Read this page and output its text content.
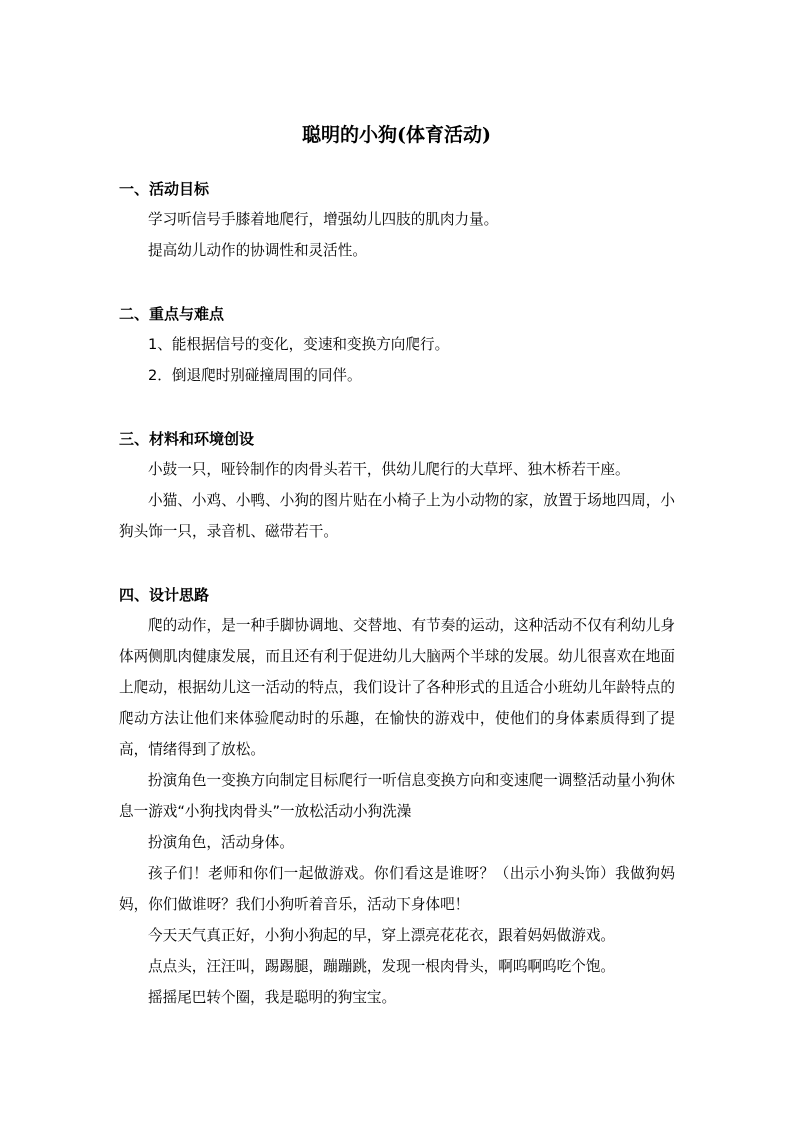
聪明的小狗(体育活动)
一、活动目标
学习听信号手膝着地爬行，增强幼儿四肢的肌肉力量。
提高幼儿动作的协调性和灵活性。
二、重点与难点
1、能根据信号的变化，变速和变换方向爬行。
2．倒退爬时别碰撞周围的同伴。
三、材料和环境创设
小鼓一只，哑铃制作的肉骨头若干，供幼儿爬行的大草坪、独木桥若干座。
小猫、小鸡、小鸭、小狗的图片贴在小椅子上为小动物的家，放置于场地四周，小狗头饰一只，录音机、磁带若干。
四、设计思路
爬的动作，是一种手脚协调地、交替地、有节奏的运动，这种活动不仅有利幼儿身体两侧肌肉健康发展，而且还有利于促进幼儿大脑两个半球的发展。幼儿很喜欢在地面上爬动，根据幼儿这一活动的特点，我们设计了各种形式的且适合小班幼儿年龄特点的爬动方法让他们来体验爬动时的乐趣，在愉快的游戏中，使他们的身体素质得到了提高，情绪得到了放松。
扮演角色一变换方向制定目标爬行一听信息变换方向和变速爬一调整活动量小狗休息一游戏“小狗找肉骨头”一放松活动小狗洗澡
扮演角色，活动身体。
孩子们！老师和你们一起做游戏。你们看这是谁呀？（出示小狗头饰）我做狗妈 妈，你们做谁呀？我们小狗听着音乐，活动下身体吧！
今天天气真正好，小狗小狗起的早，穿上漂亮花花衣，跟着妈妈做游戏。
点点头，汪汪叫，踢踢腿，蹦蹦跳，发现一根肉骨头，啊呜啊呜吃个饱。
摇摇尾巴转个圈，我是聪明的狗宝宝。
